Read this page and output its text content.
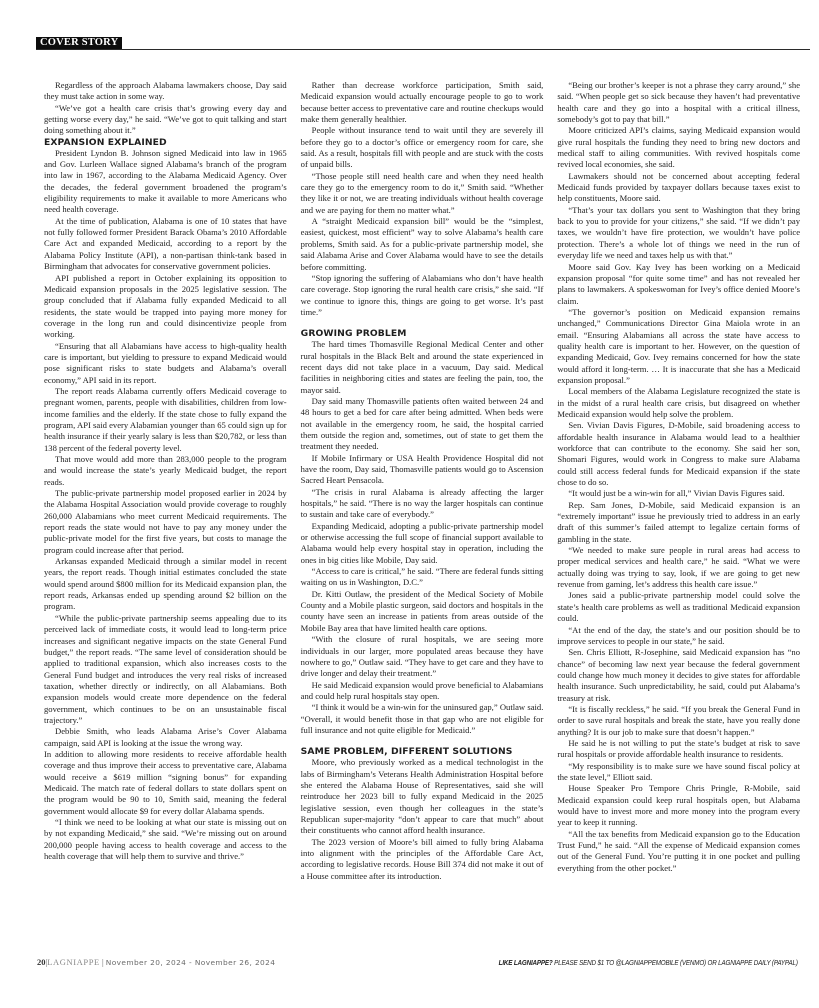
COVER STORY

Regardless of the approach Alabama lawmakers choose, Day said they must take action in some way.

“We’ve got a health care crisis that’s growing every day and getting worse every day,” he said. “We’ve got to quit talking and start doing something about it.”

EXPANSION EXPLAINED

President Lyndon B. Johnson signed Medicaid into law in 1965 and Gov. Lurleen Wallace signed Alabama’s branch of the program into law in 1967, according to the Alabama Medicaid Agency. Over the decades, the federal government broadened the program’s eligibility requirements to make it available to more Americans who need health coverage.

At the time of publication, Alabama is one of 10 states that have not fully followed former President Barack Obama’s 2010 Affordable Care Act and expanded Medicaid, according to a report by the Alabama Policy Institute (API), a non-partisan think-tank based in Birmingham that advocates for conservative government policies.

API published a report in October explaining its opposition to Medicaid expansion proposals in the 2025 legislative session. The group concluded that if Alabama fully expanded Medicaid to all residents, the state would be trapped into paying more money for coverage in the long run and could disincentivize people from working.

“Ensuring that all Alabamians have access to high-quality health care is important, but yielding to pressure to expand Medicaid would pose significant risks to state budgets and Alabama’s overall economy,” API said in its report.

The report reads Alabama currently offers Medicaid coverage to pregnant women, parents, people with disabilities, children from low-income families and the elderly. If the state chose to fully expand the program, API said every Alabamian younger than 65 could sign up for health insurance if their yearly salary is less than $20,782, or less than 138 percent of the federal poverty level.

That move would add more than 283,000 people to the program and would increase the state’s yearly Medicaid budget, the report reads.

The public-private partnership model proposed earlier in 2024 by the Alabama Hospital Association would provide coverage to roughly 260,000 Alabamians who meet current Medicaid requirements. The report reads the state would not have to pay any money under the public-private model for the first five years, but costs to manage the program could increase after that period.

Arkansas expanded Medicaid through a similar model in recent years, the report reads. Though initial estimates concluded the state would spend around $800 million for its Medicaid expansion plan, the report reads, Arkansas ended up spending around $2 billion on the program.

“While the public-private partnership seems appealing due to its perceived lack of immediate costs, it would lead to long-term price increases and significant negative impacts on the state General Fund budget,” the report reads. “The same level of consideration should be applied to traditional expansion, which also increases costs to the General Fund budget and introduces the very real risks of increased taxation, whether directly or indirectly, on all Alabamians. Both expansion models would create more dependence on the federal government, which continues to be on an unsustainable fiscal trajectory.”

Debbie Smith, who leads Alabama Arise’s Cover Alabama campaign, said API is looking at the issue the wrong way.

In addition to allowing more residents to receive affordable health coverage and thus improve their access to preventative care, Alabama would receive a $619 million “signing bonus” for expanding Medicaid. The match rate of federal dollars to state dollars spent on the program would be 90 to 10, Smith said, meaning the federal government would allocate $9 for every dollar Alabama spends.

“I think we need to be looking at what our state is missing out on by not expanding Medicaid,” she said. “We’re missing out on around 200,000 people having access to health coverage and access to the health coverage that will help them to survive and thrive.”

Rather than decrease workforce participation, Smith said, Medicaid expansion would actually encourage people to go to work because better access to preventative care and routine checkups would make them generally healthier.

People without insurance tend to wait until they are severely ill before they go to a doctor’s office or emergency room for care, she said. As a result, hospitals fill with people and are stuck with the costs of unpaid bills.

“Those people still need health care and when they need health care they go to the emergency room to do it,” Smith said. “Whether they like it or not, we are treating individuals without health coverage and we are paying for them no matter what.”

A “straight Medicaid expansion bill” would be the “simplest, easiest, quickest, most efficient” way to solve Alabama’s health care problems, Smith said. As for a public-private partnership model, she said Alabama Arise and Cover Alabama would have to see the details before committing.

“Stop ignoring the suffering of Alabamians who don’t have health care coverage. Stop ignoring the rural health care crisis,” she said. “If we continue to ignore this, things are going to get worse. It’s past time.”

GROWING PROBLEM

The hard times Thomasville Regional Medical Center and other rural hospitals in the Black Belt and around the state experienced in recent days did not take place in a vacuum, Day said. Medical facilities in neighboring cities and states are feeling the pain, too, the mayor said.

Day said many Thomasville patients often waited between 24 and 48 hours to get a bed for care after being admitted. When beds were not available in the emergency room, he said, the hospital carried them outside the region and, sometimes, out of state to get them the treatment they needed.

If Mobile Infirmary or USA Health Providence Hospital did not have the room, Day said, Thomasville patients would go to Ascension Sacred Heart Pensacola.

“The crisis in rural Alabama is already affecting the larger hospitals,” he said. “There is no way the larger hospitals can continue to sustain and take care of everybody.”

Expanding Medicaid, adopting a public-private partnership model or otherwise accessing the full scope of financial support available to Alabama would help every hospital stay in operation, including the ones in big cities like Mobile, Day said.

“Access to care is critical,” he said. “There are federal funds sitting waiting on us in Washington, D.C.”

Dr. Kitti Outlaw, the president of the Medical Society of Mobile County and a Mobile plastic surgeon, said doctors and hospitals in the county have seen an increase in patients from areas outside of the Mobile Bay area that have limited health care options.

“With the closure of rural hospitals, we are seeing more individuals in our larger, more populated areas because they have nowhere to go,” Outlaw said. “They have to get care and they have to drive longer and delay their treatment.”

He said Medicaid expansion would prove beneficial to Alabamians and could help rural hospitals stay open.

“I think it would be a win-win for the uninsured gap,” Outlaw said. “Overall, it would benefit those in that gap who are not eligible for full insurance and not quite eligible for Medicaid.”

SAME PROBLEM, DIFFERENT SOLUTIONS

Moore, who previously worked as a medical technologist in the labs of Birmingham’s Veterans Health Administration Hospital before she entered the Alabama House of Representatives, said she will reintroduce her 2023 bill to fully expand Medicaid in the 2025 legislative session, even though her colleagues in the state’s Republican super-majority “don’t appear to care that much” about their constituents who cannot afford health insurance.

The 2023 version of Moore’s bill aimed to fully bring Alabama into alignment with the principles of the Affordable Care Act, according to legislative records. House Bill 374 did not make it out of a House committee after its introduction.

“Being our brother’s keeper is not a phrase they carry around,” she said. “When people get so sick because they haven’t had preventative health care and they go into a hospital with a critical illness, somebody’s got to pay that bill.”

Moore criticized API’s claims, saying Medicaid expansion would give rural hospitals the funding they need to bring new doctors and medical staff to ailing communities. With revived hospitals come revived local economies, she said.

Lawmakers should not be concerned about accepting federal Medicaid funds provided by taxpayer dollars because taxes exist to help constituents, Moore said.

“That’s your tax dollars you sent to Washington that they bring back to you to provide for your citizens,” she said. “If we didn’t pay taxes, we wouldn’t have fire protection, we wouldn’t have police protection. There’s a whole lot of things we need in the run of everyday life we need and taxes help us with that.”

Moore said Gov. Kay Ivey has been working on a Medicaid expansion proposal “for quite some time” and has not revealed her plans to lawmakers. A spokeswoman for Ivey’s office denied Moore’s claim.

“The governor’s position on Medicaid expansion remains unchanged,” Communications Director Gina Maiola wrote in an email. “Ensuring Alabamians all across the state have access to quality health care is important to her. However, on the question of expanding Medicaid, Gov. Ivey remains concerned for how the state would afford it long-term. … It is inaccurate that she has a Medicaid expansion proposal.”

Local members of the Alabama Legislature recognized the state is in the midst of a rural health care crisis, but disagreed on whether Medicaid expansion would help solve the problem.

Sen. Vivian Davis Figures, D-Mobile, said broadening access to affordable health insurance in Alabama would lead to a healthier workforce that can contribute to the economy. She said her son, Shomari Figures, would work in Congress to make sure Alabama could still access federal funds for Medicaid expansion if the state chose to do so.

“It would just be a win-win for all,” Vivian Davis Figures said.

Rep. Sam Jones, D-Mobile, said Medicaid expansion is an “extremely important” issue he previously tried to address in an early draft of this summer’s failed attempt to legalize certain forms of gambling in the state.

“We needed to make sure people in rural areas had access to proper medical services and health care,” he said. “What we were actually doing was trying to say, look, if we are going to get new revenue from gaming, let’s address this health care issue.”

Jones said a public-private partnership model could solve the state’s health care problems as well as traditional Medicaid expansion could.

“At the end of the day, the state’s and our position should be to improve services to people in our state,” he said.

Sen. Chris Elliott, R-Josephine, said Medicaid expansion has “no chance” of becoming law next year because the federal government could change how much money it decides to give states for affordable health insurance. Such unpredictability, he said, could put Alabama’s treasury at risk.

“It is fiscally reckless,” he said. “If you break the General Fund in order to save rural hospitals and break the state, have you really done anything? It is our job to make sure that doesn’t happen.”

He said he is not willing to put the state’s budget at risk to save rural hospitals or provide affordable health insurance to residents.

“My responsibility is to make sure we have sound fiscal policy at the state level,” Elliott said.

House Speaker Pro Tempore Chris Pringle, R-Mobile, said Medicaid expansion could keep rural hospitals open, but Alabama would have to invest more and more money into the program every year to keep it running.

“All the tax benefits from Medicaid expansion go to the Education Trust Fund,” he said. “All the expense of Medicaid expansion comes out of the General Fund. You’re putting it in one pocket and pulling everything from the other pocket.”

20|LAGNIAPPE | November 20, 2024 - November 26, 2024	LIKE LAGNIAPPE? PLEASE SEND $1 TO @LAGNIAPPEMOBILE (VENMO) OR LAGNIAPPE DAILY (PAYPAL)
